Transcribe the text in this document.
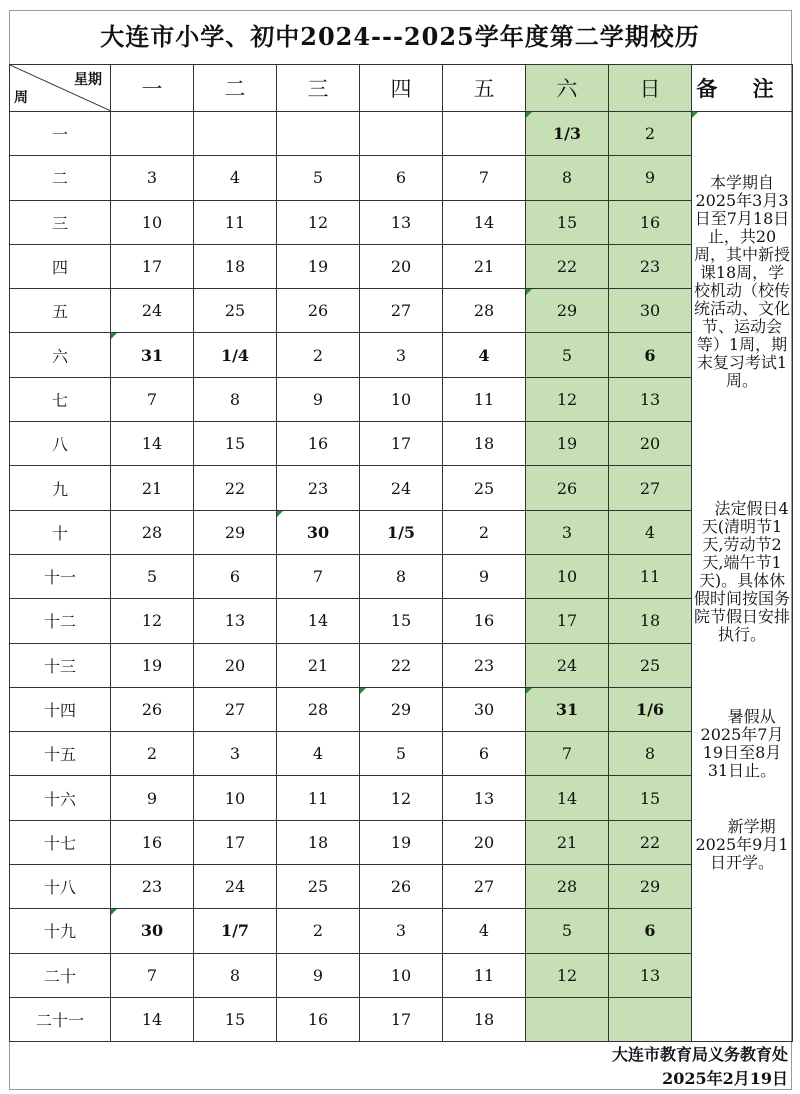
大连市小学、初中2024---2025学年度第二学期校历
星期
周	一	二	三	四	五	六	日	备 注
一						1/3	2	本学期自2025年3月3日至7月18日止，共20周，其中新授课18周，学校机动（校传统活动、文化节、运动会等）1周，期末复习考试1周。
法定假日4天(清明节1天,劳动节2天,端午节1天)。具体休假时间按国务院节假日安排执行。
暑假从2025年7月19日至8月31日止。
新学期2025年9月1日开学。

二	3	4	5	6	7	8	9	
三	10	11	12	13	14	15	16	
四	17	18	19	20	21	22	23	
五	24	25	26	27	28	29	30	
六	31	1/4	2	3	4	5	6	
七	7	8	9	10	11	12	13	
八	14	15	16	17	18	19	20	
九	21	22	23	24	25	26	27	
十	28	29	30	1/5	2	3	4	
十一	5	6	7	8	9	10	11	
十二	12	13	14	15	16	17	18	
十三	19	20	21	22	23	24	25	
十四	26	27	28	29	30	31	1/6	
十五	2	3	4	5	6	7	8	
十六	9	10	11	12	13	14	15	
十七	16	17	18	19	20	21	22	
十八	23	24	25	26	27	28	29	
十九	30	1/7	2	3	4	5	6	
二十	7	8	9	10	11	12	13	
二十一	14	15	16	17	18			
大连市教育局义务教育处
2025年2月19日
